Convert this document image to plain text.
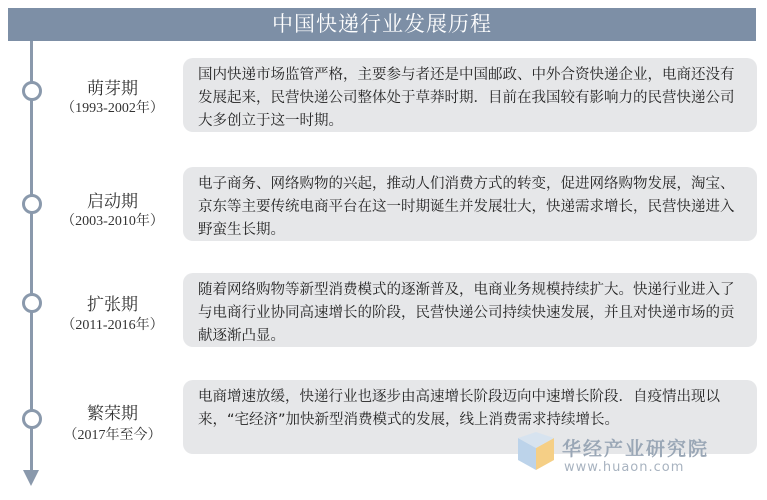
中国快递行业发展历程
萌芽期
（1993-2002年）
国内快递市场监管严格，主要参与者还是中国邮政、中外合资快递企业，电商还没有发展起来，民营快递公司整体处于草莽时期．目前在我国较有影响力的民营快递公司大多创立于这一时期。
启动期
（2003-2010年）
电子商务、网络购物的兴起，推动人们消费方式的转变，促进网络购物发展，淘宝、京东等主要传统电商平台在这一时期诞生并发展壮大，快递需求增长，民营快递进入野蛮生长期。
扩张期
（2011-2016年）
随着网络购物等新型消费模式的逐渐普及，电商业务规模持续扩大。快递行业进入了与电商行业协同高速增长的阶段，民营快递公司持续快速发展，并且对快递市场的贡献逐渐凸显。
繁荣期
（2017年至今）
电商增速放缓，快递行业也逐步由高速增长阶段迈向中速增长阶段．自疫情出现以来，“宅经济”加快新型消费模式的发展，线上消费需求持续增长。
华经产业研究院
www.huaon.com
